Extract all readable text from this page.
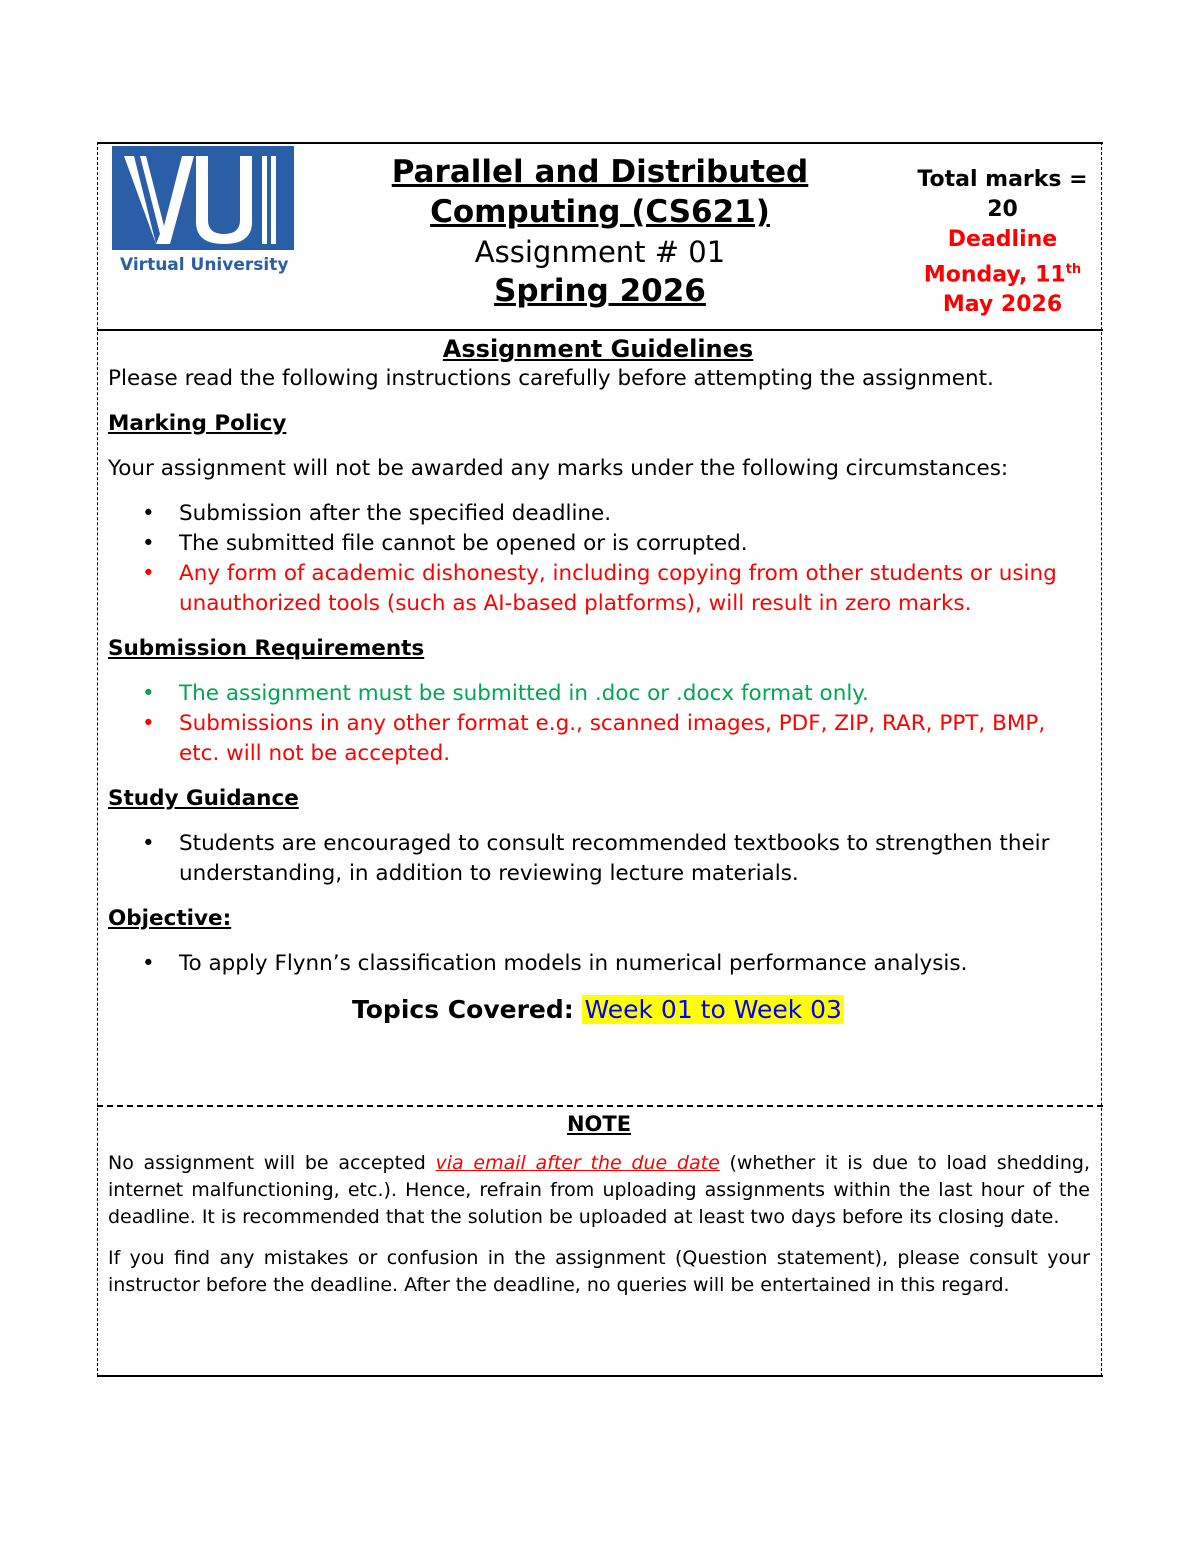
Virtual University
Parallel and Distributed Computing (CS621)
Assignment # 01
Spring 2026
Total marks = 20
Deadline
Monday, 11th
May 2026
Assignment Guidelines

Please read the following instructions carefully before attempting the assignment.

Marking Policy

Your assignment will not be awarded any marks under the following circumstances:

• Submission after the specified deadline.
• The submitted file cannot be opened or is corrupted.
• Any form of academic dishonesty, including copying from other students or using unauthorized tools (such as AI-based platforms), will result in zero marks.
Submission Requirements
• The assignment must be submitted in .doc or .docx format only.
• Submissions in any other format e.g., scanned images, PDF, ZIP, RAR, PPT, BMP, etc. will not be accepted.
Study Guidance
• Students are encouraged to consult recommended textbooks to strengthen their understanding, in addition to reviewing lecture materials.
Objective:
• To apply Flynn’s classification models in numerical performance analysis.
Topics Covered: Week 01 to Week 03
NOTE

No assignment will be accepted via email after the due date (whether it is due to load shedding, internet malfunctioning, etc.). Hence, refrain from uploading assignments within the last hour of the deadline. It is recommended that the solution be uploaded at least two days before its closing date.

If you find any mistakes or confusion in the assignment (Question statement), please consult your instructor before the deadline. After the deadline, no queries will be entertained in this regard.
